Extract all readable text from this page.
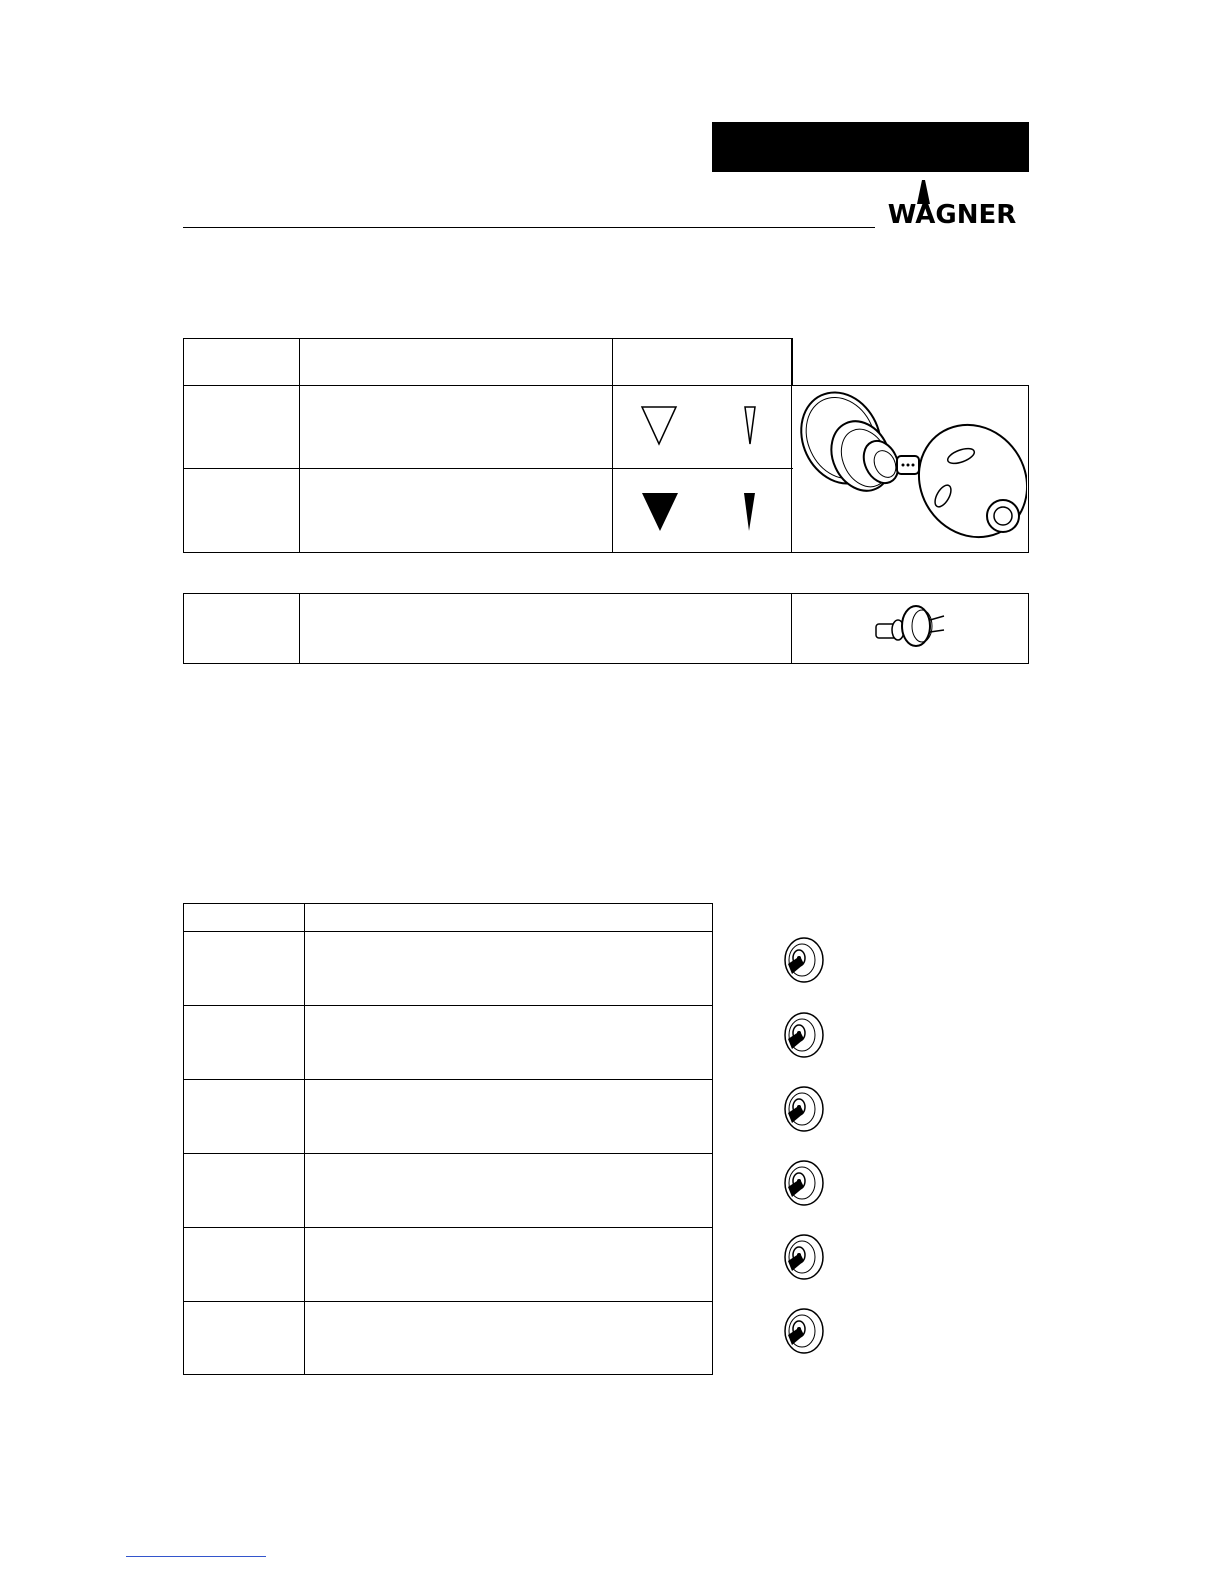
WAGNER
